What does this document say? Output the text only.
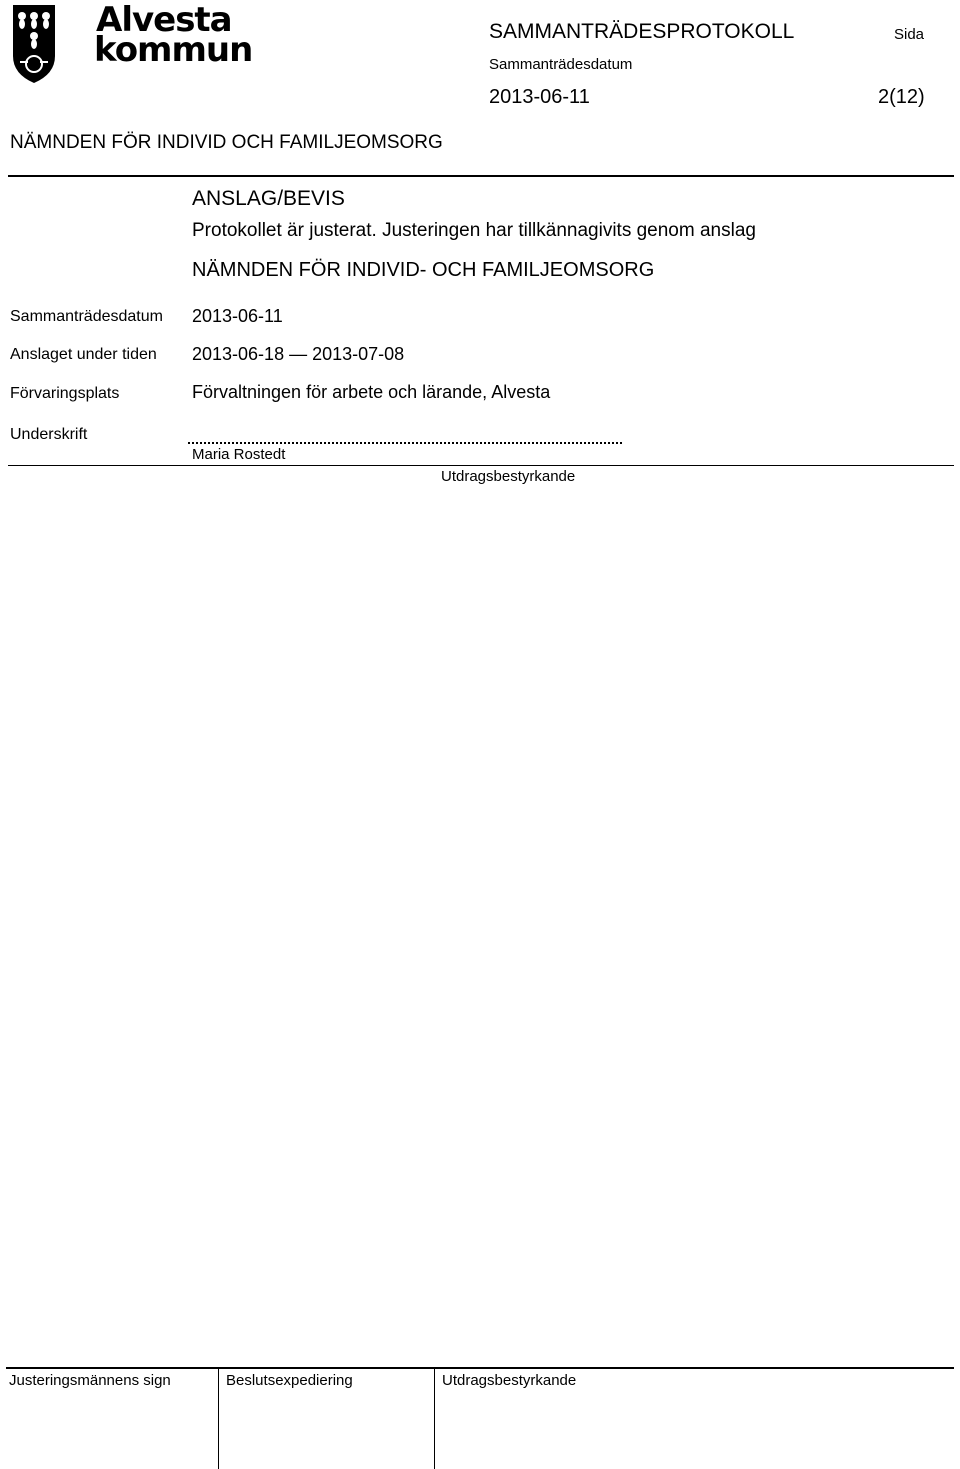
Alvesta
kommun	SAMMANTRÄDESPROTOKOLL	Sida
Sammanträdesdatum
2013-06-11	2(12)
NÄMNDEN FÖR INDIVID OCH FAMILJEOMSORG
ANSLAG/BEVIS
Protokollet är justerat. Justeringen har tillkännagivits genom anslag
NÄMNDEN FÖR INDIVID- OCH FAMILJEOMSORG
Sammanträdesdatum 2013-06-11
Anslaget under tiden 2013-06-18 — 2013-07-08
Förvaringsplats	Förvaltningen för arbete och lärande, Alvesta
Underskrift
Maria Rostedt
Utdragsbestyrkande
Justeringsmännens sign	Beslutsexpediering	Utdragsbestyrkande
